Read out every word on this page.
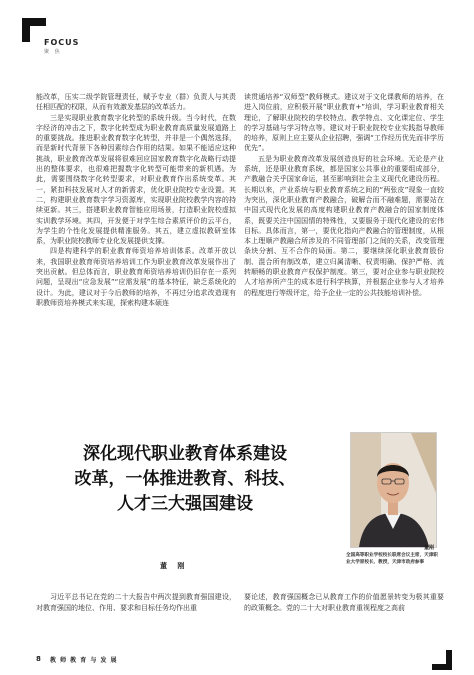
FOCUS
聚 焦

能改革，压实二级学院管理责任，赋予专业（群）负责人与其责任相匹配的权限，从而有效激发基层的改革活力。

三是实现职业教育数字化转型的系统升级。当今时代，在数字经济的冲击之下，数字化转型成为职业教育高质量发展道路上的重要挑战。推进职业教育数字化转型，并非是一个偶然选择，而是新时代背景下各种因素综合作用的结果。如果不能适应这种挑战，职业教育改革发展将很难回应国家教育数字化战略行动提出的整体要求，也很难把握数字化转型可能带来的新机遇。为此，需要围绕数字化转型要求，对职业教育作出系统变革。其一，紧扣科技发展对人才的新需求，优化职业院校专业设置。其二，构建职业教育数字学习资源库，实现职业院校教学内容的持续更新。其三，搭建职业教育智能应用场景，打造职业院校虚拟实训教学环境。其四，开发便于对学生综合素质评价的云平台，为学生的个性化发展提供精准服务。其五，建立虚拟教研室体系，为职业院校教师专业化发展提供支撑。

四是构建科学的职业教育师资培养培训体系。改革开放以来，我国职业教育师资培养培训工作为职业教育改革发展作出了突出贡献。但总体而言，职业教育师资培养培训仍旧存在一系列问题，呈现出“应急发展”“应需发展”的基本特征，缺乏系统化的设计。为此，建议对于今后教师的培养，不再过分追求改造现有职教师资培养模式来实现，探索构建本硕连

读贯通培养“双师型”教师模式。建议对于文化课教师的培养，在进入岗位前，应积极开展“职业教育+”培训，学习职业教育相关理论，了解职业院校的学校特点、教学特点、文化课定位、学生的学习基础与学习特点等。建议对于职业院校专业实践指导教师的培养，原则上应主要从企业招聘，强调“工作经历优先而非学历优先”。

五是为职业教育改革发展创造良好的社会环境。无论是产业系统，还是职业教育系统，都是国家公共事业的重要组成部分，产教融合关乎国家命运，甚至影响到社会主义现代化建设历程。长期以来，产业系统与职业教育系统之间的“两张皮”现象一直较为突出，深化职业教育产教融合，破解合而不融难题，需要站在中国式现代化发展的高度构建职业教育产教融合的国家制度体系，既要关注中国国情的特殊性，又要服务于现代化建设的宏伟目标。具体而言，第一，要优化指向产教融合的管理制度，从根本上理顺产教融合所涉及的不同管理部门之间的关系，改变管理条块分割、互不合作的局面。第二，要继续深化职业教育股份制、混合所有制改革，建立归属清晰、权责明确、保护严格、流转顺畅的职业教育产权保护制度。第三，要对企业参与职业院校人才培养所产生的成本进行科学核算，并根据企业参与人才培养的程度进行等级评定，给予企业一定的公共技能培训补偿。

深化现代职业教育体系建设
改革，一体推进教育、科技、
人才三大强国建设
董 刚
董刚
全国高等职业学校校长联席会议主席，天津职业大学原校长、教授，天津市政府参事

习近平总书记在党的二十大报告中两次提到教育强国建设，对教育强国的地位、作用、要求和目标任务均作出重

要论述，教育强国概念已从教育工作的价值愿景转变为极其重要的政策概念。党的二十大对职业教育重视程度之高前

8 教 师 教 育 与 发 展
